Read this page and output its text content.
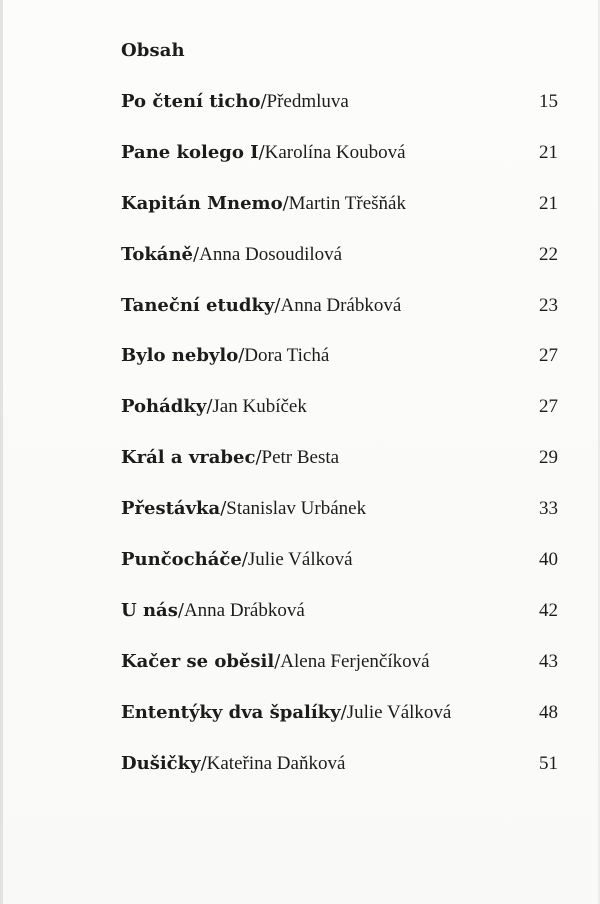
Obsah
Po čtení ticho / Předmluva	15
Pane kolego I / Karolína Koubová	21
Kapitán Mnemo / Martin Třešňák	21
Tokáně / Anna Dosoudilová	22
Taneční etudky / Anna Drábková	23
Bylo nebylo / Dora Tichá	27
Pohádky / Jan Kubíček	27
Král a vrabec / Petr Besta	29
Přestávka / Stanislav Urbánek	33
Punčocháče / Julie Válková	40
U nás / Anna Drábková	42
Kačer se oběsil / Alena Ferjenčíková	43
Ententýky dva špalíky / Julie Válková	48
Dušičky / Kateřina Daňková	51
